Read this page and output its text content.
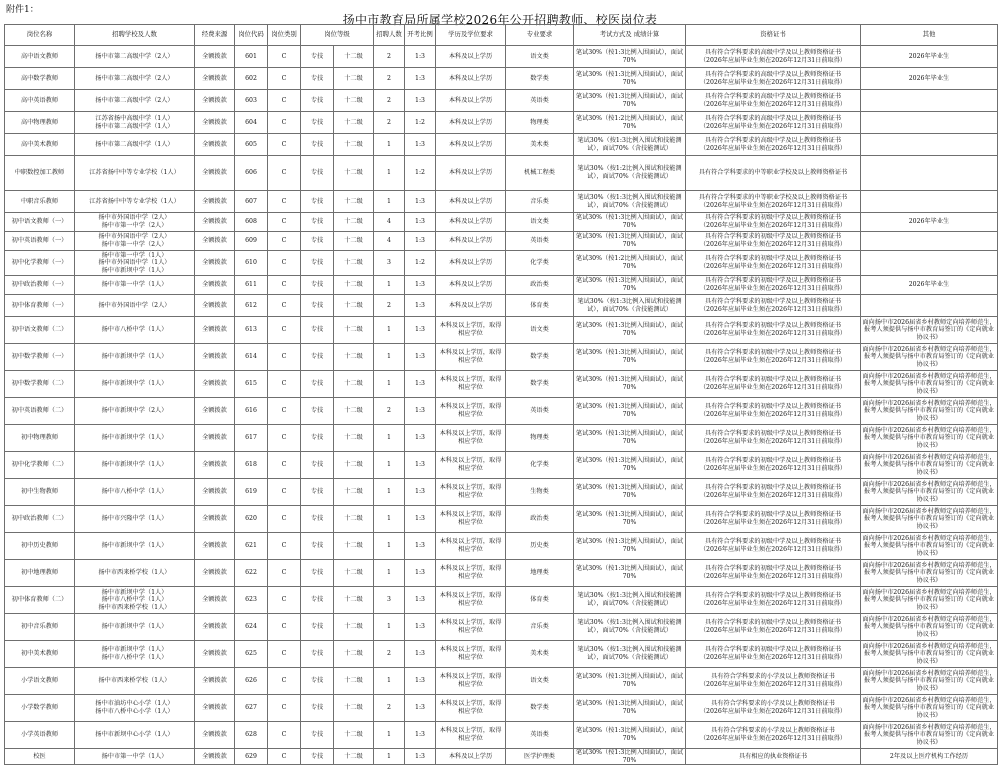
附件1：
扬中市教育局所属学校2026年公开招聘教师、校医岗位表
岗位名称	招聘学校及人数	经费来源	岗位代码	岗位类别	岗位等级		招聘人数	开考比例	学历及学位要求	专业要求	考试方式及 成绩计算	资格证书	其他
高中语文教师	扬中市第二高级中学（2人）	全额拨款	601	C	专技	十二级	2	1:3	本科及以上学历	语文类	笔试30%（按1:3比例入围面试），面试70%	具有符合学科要求的高级中学及以上教师资格证书
（2026年应届毕业生须在2026年12月31日前取得）	2026年毕业生
高中数学教师	扬中市第二高级中学（2人）	全额拨款	602	C	专技	十二级	2	1:3	本科及以上学历	数学类	笔试30%（按1:3比例入围面试），面试70%	具有符合学科要求的高级中学及以上教师资格证书
（2026年应届毕业生须在2026年12月31日前取得）	2026年毕业生
高中英语教师	扬中市第二高级中学（2人）	全额拨款	603	C	专技	十二级	2	1:3	本科及以上学历	英语类	笔试30%（按1:3比例入围面试），面试70%	具有符合学科要求的高级中学及以上教师资格证书
（2026年应届毕业生须在2026年12月31日前取得）	
高中物理教师	江苏省扬中高级中学（1人）
扬中市第二高级中学（1人）	全额拨款	604	C	专技	十二级	2	1:2	本科及以上学历	物理类	笔试30%（按1:2比例入围面试），面试70%	具有符合学科要求的高级中学及以上教师资格证书
（2026年应届毕业生须在2026年12月31日前取得）	
高中美术教师	扬中市第二高级中学（1人）	全额拨款	605	C	专技	十二级	1	1:3	本科及以上学历	美术类	笔试30%（按1:3比例入围试和技能测试），面试70%（含技能测试）	具有符合学科要求的高级中学及以上教师资格证书
（2026年应届毕业生须在2026年12月31日前取得）	
中职数控加工教师	江苏省扬中中等专业学校（1人）	全额拨款	606	C	专技	十二级	1	1:2	本科及以上学历	机械工程类	笔试30%（按1:2比例入围试和技能测试），面试70%（含技能测试）	具有符合学科要求的中等职业学校及以上教师资格证书	
中职音乐教师	江苏省扬中中等专业学校（1人）	全额拨款	607	C	专技	十二级	1	1:3	本科及以上学历	音乐类	笔试30%（按1:3比例入围试和技能测试），面试70%（含技能测试）	具有符合学科要求的中等职业学校及以上教师资格证书
（2026年应届毕业生须在2026年12月31日前取得）	
初中语文教师（一）	扬中市外国语中学（2人）
扬中市第一中学（2人）	全额拨款	608	C	专技	十二级	4	1:3	本科及以上学历	语文类	笔试30%（按1:3比例入围面试），面试70%	具有符合学科要求的初级中学及以上教师资格证书
（2026年应届毕业生须在2026年12月31日前取得）	2026年毕业生
初中英语教师（一）	扬中市外国语中学（2人）
扬中市第一中学（2人）	全额拨款	609	C	专技	十二级	4	1:3	本科及以上学历	英语类	笔试30%（按1:3比例入围面试），面试70%	具有符合学科要求的初级中学及以上教师资格证书
（2026年应届毕业生须在2026年12月31日前取得）	
初中化学教师（一）	扬中市第一中学（1人）
扬中市外国语中学（1人）
扬中市新坝中学（1人）	全额拨款	610	C	专技	十二级	3	1:2	本科及以上学历	化学类	笔试30%（按1:2比例入围面试），面试70%	具有符合学科要求的初级中学及以上教师资格证书
（2026年应届毕业生须在2026年12月31日前取得）	
初中政治教师（一）	扬中市第一中学（1人）	全额拨款	611	C	专技	十二级	1	1:3	本科及以上学历	政治类	笔试30%（按1:3比例入围面试），面试70%	具有符合学科要求的初级中学及以上教师资格证书
（2026年应届毕业生须在2026年12月31日前取得）	2026年毕业生
初中体育教师（一）	扬中市外国语中学（2人）	全额拨款	612	C	专技	十二级	2	1:3	本科及以上学历	体育类	笔试30%（按1:3比例入围试和技能测试），面试70%（含技能测试）	具有符合学科要求的初级中学及以上教师资格证书
（2026年应届毕业生须在2026年12月31日前取得）	
初中语文教师（二）	扬中市八桥中学（1人）	全额拨款	613	C	专技	十二级	1	1:3	本科及以上学历，取得相应学位	语文类	笔试30%（按1:3比例入围面试），面试70%	具有符合学科要求的初级中学及以上教师资格证书
（2026年应届毕业生须在2026年12月31日前取得）	面向扬中市2026届省乡村教师定向培养师范生，报考人须提供与扬中市教育局签订的《定向就业协议书》
初中数学教师（一）	扬中市新坝中学（1人）	全额拨款	614	C	专技	十二级	1	1:3	本科及以上学历，取得相应学位	数学类	笔试30%（按1:3比例入围面试），面试70%	具有符合学科要求的初级中学及以上教师资格证书
（2026年应届毕业生须在2026年12月31日前取得）	面向扬中市2026届省乡村教师定向培养师范生，报考人须提供与扬中市教育局签订的《定向就业协议书》
初中数学教师（二）	扬中市新坝中学（1人）	全额拨款	615	C	专技	十二级	1	1:3	本科及以上学历，取得相应学位	数学类	笔试30%（按1:3比例入围面试），面试70%	具有符合学科要求的初级中学及以上教师资格证书
（2026年应届毕业生须在2026年12月31日前取得）	面向扬中市2026届省乡村教师定向培养师范生，报考人须提供与扬中市教育局签订的《定向就业协议书》
初中英语教师（二）	扬中市新坝中学（2人）	全额拨款	616	C	专技	十二级	2	1:3	本科及以上学历，取得相应学位	英语类	笔试30%（按1:3比例入围面试），面试70%	具有符合学科要求的初级中学及以上教师资格证书
（2026年应届毕业生须在2026年12月31日前取得）	面向扬中市2026届省乡村教师定向培养师范生，报考人须提供与扬中市教育局签订的《定向就业协议书》
初中物理教师	扬中市新坝中学（1人）	全额拨款	617	C	专技	十二级	1	1:3	本科及以上学历，取得相应学位	物理类	笔试30%（按1:3比例入围面试），面试70%	具有符合学科要求的初级中学及以上教师资格证书
（2026年应届毕业生须在2026年12月31日前取得）	面向扬中市2026届省乡村教师定向培养师范生，报考人须提供与扬中市教育局签订的《定向就业协议书》
初中化学教师（二）	扬中市新坝中学（1人）	全额拨款	618	C	专技	十二级	1	1:3	本科及以上学历，取得相应学位	化学类	笔试30%（按1:3比例入围面试），面试70%	具有符合学科要求的初级中学及以上教师资格证书
（2026年应届毕业生须在2026年12月31日前取得）	面向扬中市2026届省乡村教师定向培养师范生，报考人须提供与扬中市教育局签订的《定向就业协议书》
初中生物教师	扬中市八桥中学（1人）	全额拨款	619	C	专技	十二级	1	1:3	本科及以上学历，取得相应学位	生物类	笔试30%（按1:3比例入围面试），面试70%	具有符合学科要求的初级中学及以上教师资格证书
（2026年应届毕业生须在2026年12月31日前取得）	面向扬中市2026届省乡村教师定向培养师范生，报考人须提供与扬中市教育局签订的《定向就业协议书》
初中政治教师（二）	扬中市兴隆中学（1人）	全额拨款	620	C	专技	十二级	1	1:3	本科及以上学历，取得相应学位	政治类	笔试30%（按1:3比例入围面试），面试70%	具有符合学科要求的初级中学及以上教师资格证书
（2026年应届毕业生须在2026年12月31日前取得）	面向扬中市2026届省乡村教师定向培养师范生，报考人须提供与扬中市教育局签订的《定向就业协议书》
初中历史教师	扬中市新坝中学（1人）	全额拨款	621	C	专技	十二级	1	1:3	本科及以上学历，取得相应学位	历史类	笔试30%（按1:3比例入围面试），面试70%	具有符合学科要求的初级中学及以上教师资格证书
（2026年应届毕业生须在2026年12月31日前取得）	面向扬中市2026届省乡村教师定向培养师范生，报考人须提供与扬中市教育局签订的《定向就业协议书》
初中地理教师	扬中市西来桥学校（1人）	全额拨款	622	C	专技	十二级	1	1:3	本科及以上学历，取得相应学位	地理类	笔试30%（按1:3比例入围面试），面试70%	具有符合学科要求的初级中学及以上教师资格证书
（2026年应届毕业生须在2026年12月31日前取得）	面向扬中市2026届省乡村教师定向培养师范生，报考人须提供与扬中市教育局签订的《定向就业协议书》
初中体育教师（二）	扬中市新坝中学（1人）
扬中市八桥中学（1人）
扬中市西来桥学校（1人）	全额拨款	623	C	专技	十二级	3	1:3	本科及以上学历，取得相应学位	体育类	笔试30%（按1:3比例入围试和技能测试），面试70%（含技能测试）	具有符合学科要求的初级中学及以上教师资格证书
（2026年应届毕业生须在2026年12月31日前取得）	面向扬中市2026届省乡村教师定向培养师范生，报考人须提供与扬中市教育局签订的《定向就业协议书》
初中音乐教师	扬中市新坝中学（1人）	全额拨款	624	C	专技	十二级	1	1:3	本科及以上学历，取得相应学位	音乐类	笔试30%（按1:3比例入围试和技能测试），面试70%（含技能测试）	具有符合学科要求的初级中学及以上教师资格证书
（2026年应届毕业生须在2026年12月31日前取得）	面向扬中市2026届省乡村教师定向培养师范生，报考人须提供与扬中市教育局签订的《定向就业协议书》
初中美术教师	扬中市新坝中学（1人）
扬中市八桥中学（1人）	全额拨款	625	C	专技	十二级	2	1:3	本科及以上学历，取得相应学位	美术类	笔试30%（按1:3比例入围试和技能测试），面试70%（含技能测试）	具有符合学科要求的初级中学及以上教师资格证书
（2026年应届毕业生须在2026年12月31日前取得）	面向扬中市2026届省乡村教师定向培养师范生，报考人须提供与扬中市教育局签订的《定向就业协议书》
小学语文教师	扬中市西来桥学校（1人）	全额拨款	626	C	专技	十二级	1	1:3	本科及以上学历，取得相应学位	语文类	笔试30%（按1:3比例入围面试），面试70%	具有符合学科要求的小学及以上教师资格证书
（2026年应届毕业生须在2026年12月31日前取得）	面向扬中市2026届省乡村教师定向培养师范生，报考人须提供与扬中市教育局签订的《定向就业协议书》
小学数学教师	扬中市油坊中心小学（1人）
扬中市八桥中心小学（1人）	全额拨款	627	C	专技	十二级	2	1:3	本科及以上学历，取得相应学位	数学类	笔试30%（按1:3比例入围面试），面试70%	具有符合学科要求的小学及以上教师资格证书
（2026年应届毕业生须在2026年12月31日前取得）	面向扬中市2026届省乡村教师定向培养师范生，报考人须提供与扬中市教育局签订的《定向就业协议书》
小学英语教师	扬中市新坝中心小学（1人）	全额拨款	628	C	专技	十二级	1	1:3	本科及以上学历，取得相应学位	英语类	笔试30%（按1:3比例入围面试），面试70%	具有符合学科要求的小学及以上教师资格证书
（2026年应届毕业生须在2026年12月31日前取得）	面向扬中市2026届省乡村教师定向培养师范生，报考人须提供与扬中市教育局签订的《定向就业协议书》
校医	扬中市第一中学（1人）	全额拨款	629	C	专技	十二级	1	1:3	本科及以上学历	医学护理类	笔试30%（按1:3比例入围面试），面试70%	具有相应的执业资格证书	2年及以上医疗机构工作经历
